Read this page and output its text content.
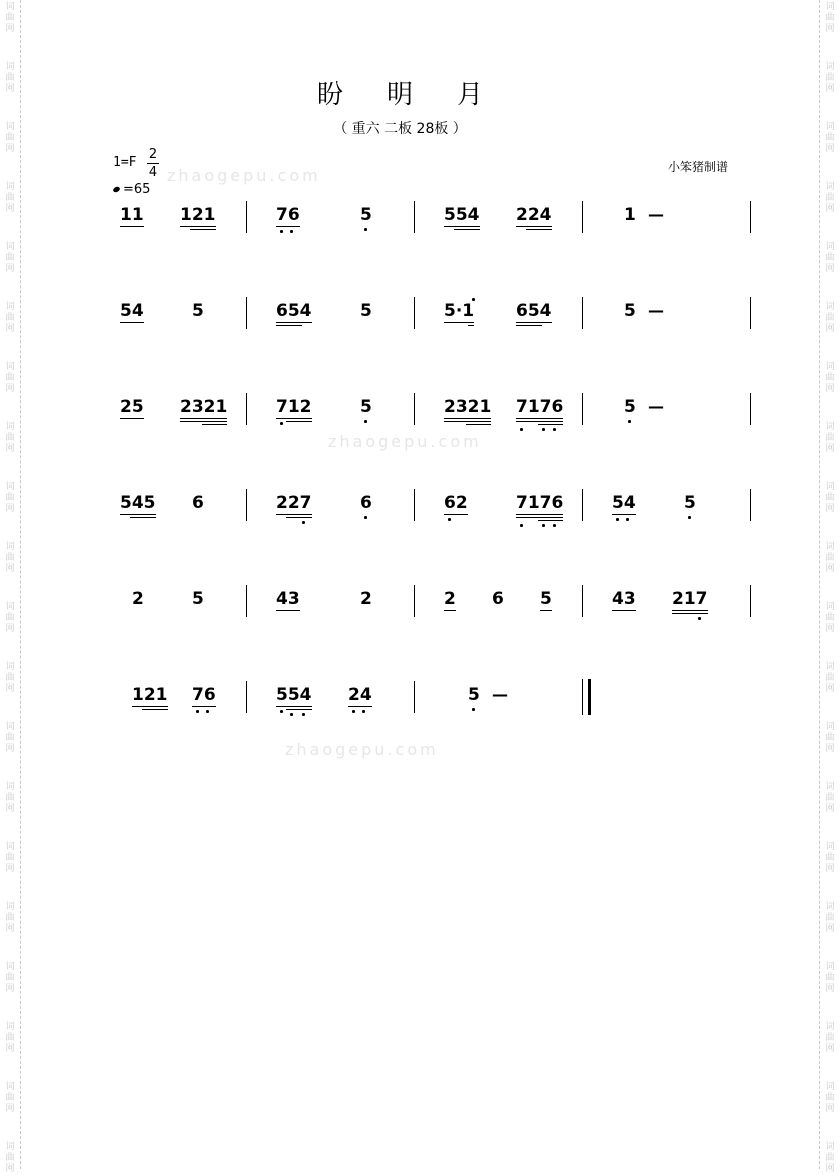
词
曲
网
词
曲
网
词
曲
网
词
曲
网
词
曲
网
词
曲
网
词
曲
网
词
曲
网
词
曲
网
词
曲
网
词
曲
网
词
曲
网
词
曲
网
词
曲
网
词
曲
网
词
曲
网
词
曲
网
词
曲
网
词
曲
网
词
曲
网
词
曲
网
词
曲
网
词
曲
网
词
曲
网
词
曲
网
词
曲
网
词
曲
网
词
曲
网
词
曲
网
词
曲
网
词
曲
网
词
曲
网
词
曲
网
词
曲
网
词
曲
网
词
曲
网
词
曲
网
词
曲
网
词
曲
网
词
曲
网
盼 明 月
（ 重六 二板 28板 ）
1=F
2
4
=65
小笨猪制谱
zhaogepu.com
zhaogepu.com
zhaogepu.com
11 121	76	5	554 224	1 —
54	5	654	5	5·1 654	5 —
25 2321	712	5	2321 7176	5 —
545 6	227	6	62	7176	54	5
2	5	43	2	2 6 5	43 217
121 76	554 24	5 —
